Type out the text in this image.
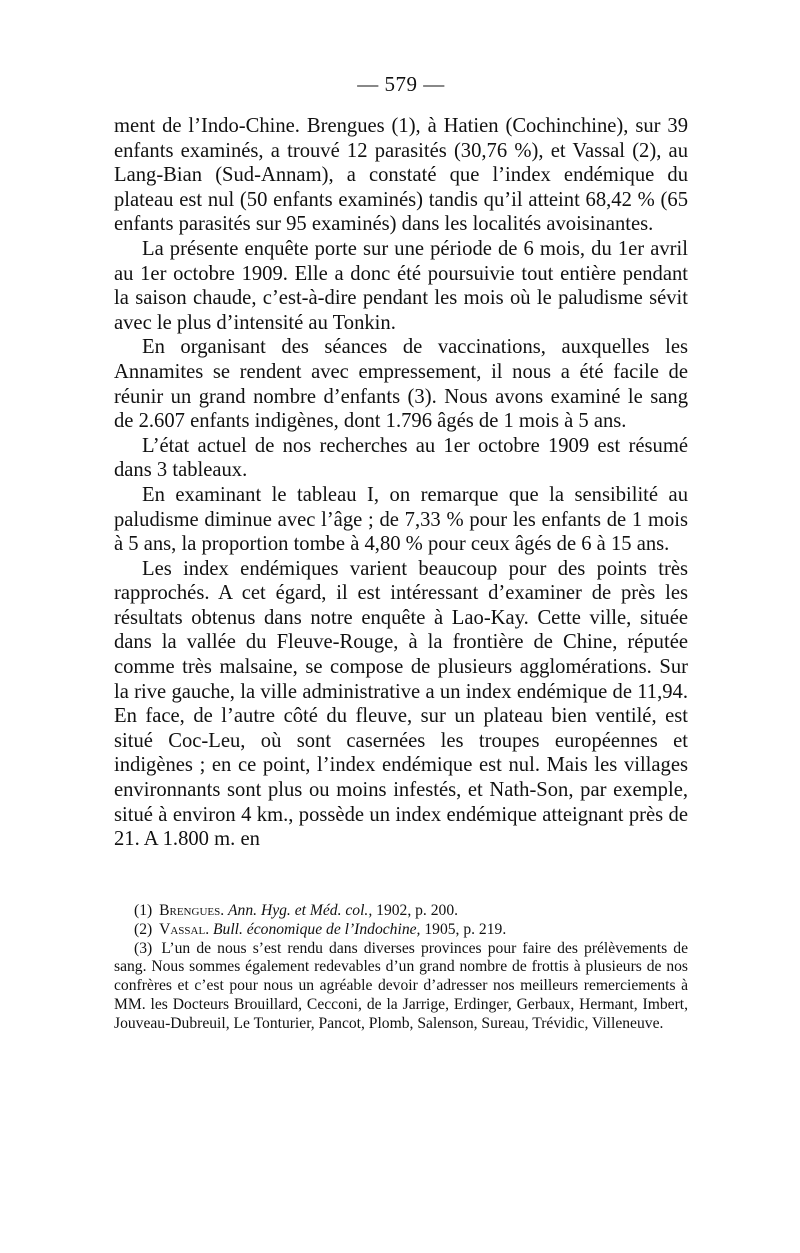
— 579 —

ment de l’Indo-Chine. Brengues (1), à Hatien (Cochinchine), sur 39 enfants examinés, a trouvé 12 parasités (30,76 %), et Vassal (2), au Lang-Bian (Sud-Annam), a constaté que l’index endémique du plateau est nul (50 enfants examinés) tandis qu’il atteint 68,42 % (65 enfants parasités sur 95 examinés) dans les localités avoisinantes.

La présente enquête porte sur une période de 6 mois, du 1er avril au 1er octobre 1909. Elle a donc été poursuivie tout entière pendant la saison chaude, c’est-à-dire pendant les mois où le paludisme sévit avec le plus d’intensité au Tonkin.

En organisant des séances de vaccinations, auxquelles les Annamites se rendent avec empressement, il nous a été facile de réunir un grand nombre d’enfants (3). Nous avons examiné le sang de 2.607 enfants indigènes, dont 1.796 âgés de 1 mois à 5 ans.

L’état actuel de nos recherches au 1er octobre 1909 est résumé dans 3 tableaux.

En examinant le tableau I, on remarque que la sensibilité au paludisme diminue avec l’âge ; de 7,33 % pour les enfants de 1 mois à 5 ans, la proportion tombe à 4,80 % pour ceux âgés de 6 à 15 ans.

Les index endémiques varient beaucoup pour des points très rapprochés. A cet égard, il est intéressant d’examiner de près les résultats obtenus dans notre enquête à Lao-Kay. Cette ville, située dans la vallée du Fleuve-Rouge, à la frontière de Chine, réputée comme très malsaine, se compose de plusieurs agglomérations. Sur la rive gauche, la ville administrative a un index endémique de 11,94. En face, de l’autre côté du fleuve, sur un plateau bien ventilé, est situé Coc-Leu, où sont casernées les troupes européennes et indigènes ; en ce point, l’index endémique est nul. Mais les villages environnants sont plus ou moins infestés, et Nath-Son, par exemple, situé à environ 4 km., possède un index endémique atteignant près de 21. A 1.800 m. en

(1) Brengues. Ann. Hyg. et Méd. col., 1902, p. 200.

(2) Vassal. Bull. économique de l’Indochine, 1905, p. 219.

(3) L’un de nous s’est rendu dans diverses provinces pour faire des prélèvements de sang. Nous sommes également redevables d’un grand nombre de frottis à plusieurs de nos confrères et c’est pour nous un agréable devoir d’adresser nos meilleurs remerciements à MM. les Docteurs Brouillard, Cecconi, de la Jarrige, Erdinger, Gerbaux, Hermant, Imbert, Jouveau-Dubreuil, Le Tonturier, Pancot, Plomb, Salenson, Sureau, Trévidic, Villeneuve.
